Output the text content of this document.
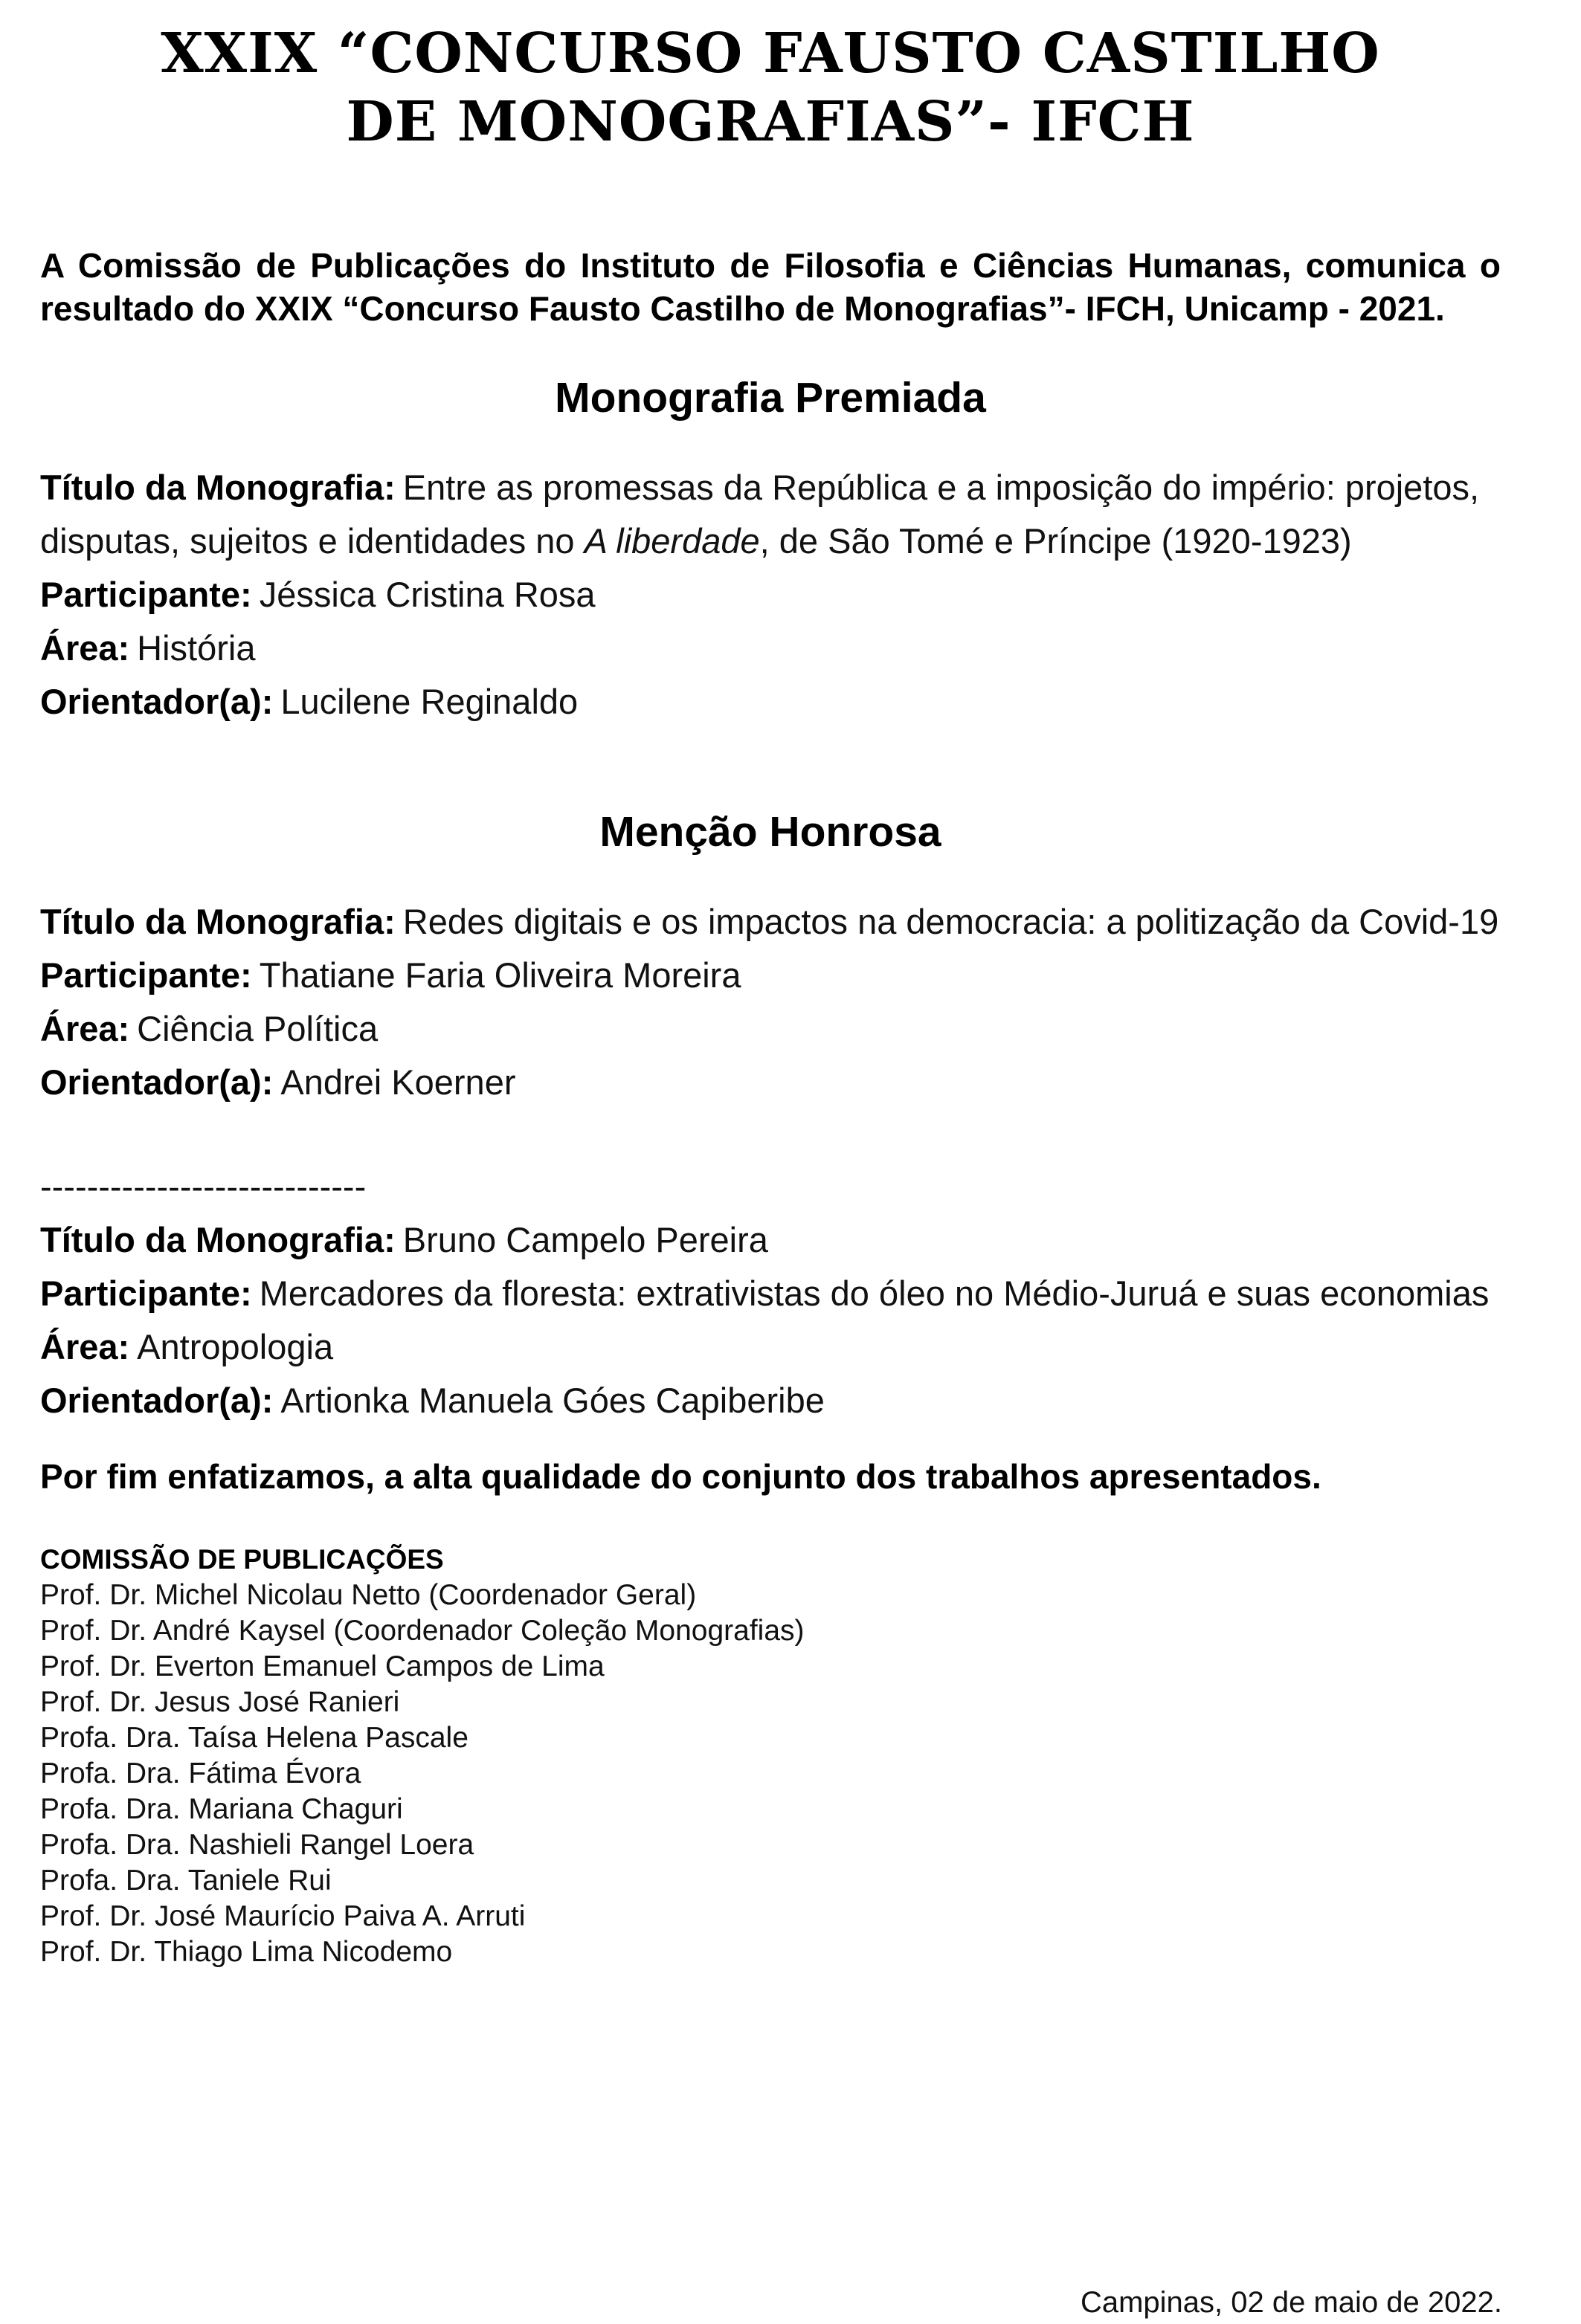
XXIX “CONCURSO FAUSTO CASTILHO
DE MONOGRAFIAS”- IFCH

A Comissão de Publicações do Instituto de Filosofia e Ciências Humanas, comunica o resultado do XXIX “Concurso Fausto Castilho de Monografias”- IFCH, Unicamp - 2021.

Monografia Premiada
Título da Monografia: Entre as promessas da República e a imposição do império: projetos, disputas, sujeitos e identidades no A liberdade, de São Tomé e Príncipe (1920-1923)
Participante: Jéssica Cristina Rosa
Área: História
Orientador(a): Lucilene Reginaldo
Menção Honrosa
Título da Monografia: Redes digitais e os impactos na democracia: a politização da Covid-19
Participante: Thatiane Faria Oliveira Moreira
Área: Ciência Política
Orientador(a): Andrei Koerner
----------------------------
Título da Monografia: Bruno Campelo Pereira
Participante: Mercadores da floresta: extrativistas do óleo no Médio-Juruá e suas economias
Área: Antropologia
Orientador(a): Artionka Manuela Góes Capiberibe
Por fim enfatizamos, a alta qualidade do conjunto dos trabalhos apresentados.
COMISSÃO DE PUBLICAÇÕES
Prof. Dr. Michel Nicolau Netto (Coordenador Geral)
Prof. Dr. André Kaysel (Coordenador Coleção Monografias)
Prof. Dr. Everton Emanuel Campos de Lima
Prof. Dr. Jesus José Ranieri
Profa. Dra. Taísa Helena Pascale
Profa. Dra. Fátima Évora
Profa. Dra. Mariana Chaguri
Profa. Dra. Nashieli Rangel Loera
Profa. Dra. Taniele Rui
Prof. Dr. José Maurício Paiva A. Arruti
Prof. Dr. Thiago Lima Nicodemo
Campinas, 02 de maio de 2022.
